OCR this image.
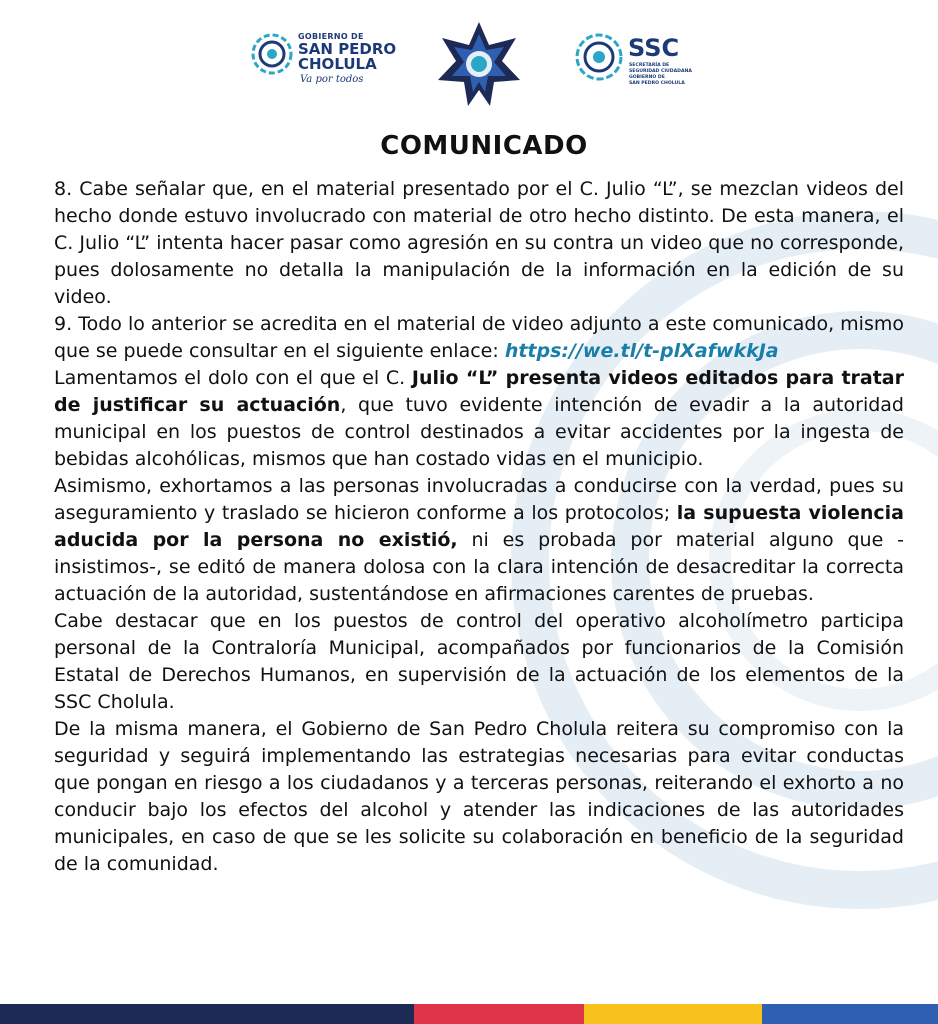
GOBIERNO DE
SAN PEDRO
CHOLULA
Va por todos
SSC
SECRETARÍA DE
SEGURIDAD CIUDADANA
GOBIERNO DE
SAN PEDRO CHOLULA
COMUNICADO

8. Cabe señalar que, en el material presentado por el C. Julio “L”, se mezclan videos del hecho donde estuvo involucrado con material de otro hecho distinto. De esta manera, el C. Julio “L” intenta hacer pasar como agresión en su contra un video que no corresponde, pues dolosamente no detalla la manipulación de la información en la edición de su video.

9. Todo lo anterior se acredita en el material de video adjunto a este comunicado, mismo que se puede consultar en el siguiente enlace: https://we.tl/t-plXafwkkJa

Lamentamos el dolo con el que el C. Julio “L” presenta videos editados para tratar de justificar su actuación, que tuvo evidente intención de evadir a la autoridad municipal en los puestos de control destinados a evitar accidentes por la ingesta de bebidas alcohólicas, mismos que han costado vidas en el municipio.

Asimismo, exhortamos a las personas involucradas a conducirse con la verdad, pues su aseguramiento y traslado se hicieron conforme a los protocolos; la supuesta violencia aducida por la persona no existió, ni es probada por material alguno que -insistimos-, se editó de manera dolosa con la clara intención de desacreditar la correcta actuación de la autoridad, sustentándose en afirmaciones carentes de pruebas.

Cabe destacar que en los puestos de control del operativo alcoholímetro participa personal de la Contraloría Municipal, acompañados por funcionarios de la Comisión Estatal de Derechos Humanos, en supervisión de la actuación de los elementos de la SSC Cholula.

De la misma manera, el Gobierno de San Pedro Cholula reitera su compromiso con la seguridad y seguirá implementando las estrategias necesarias para evitar conductas que pongan en riesgo a los ciudadanos y a terceras personas, reiterando el exhorto a no conducir bajo los efectos del alcohol y atender las indicaciones de las autoridades municipales, en caso de que se les solicite su colaboración en beneficio de la seguridad de la comunidad.
